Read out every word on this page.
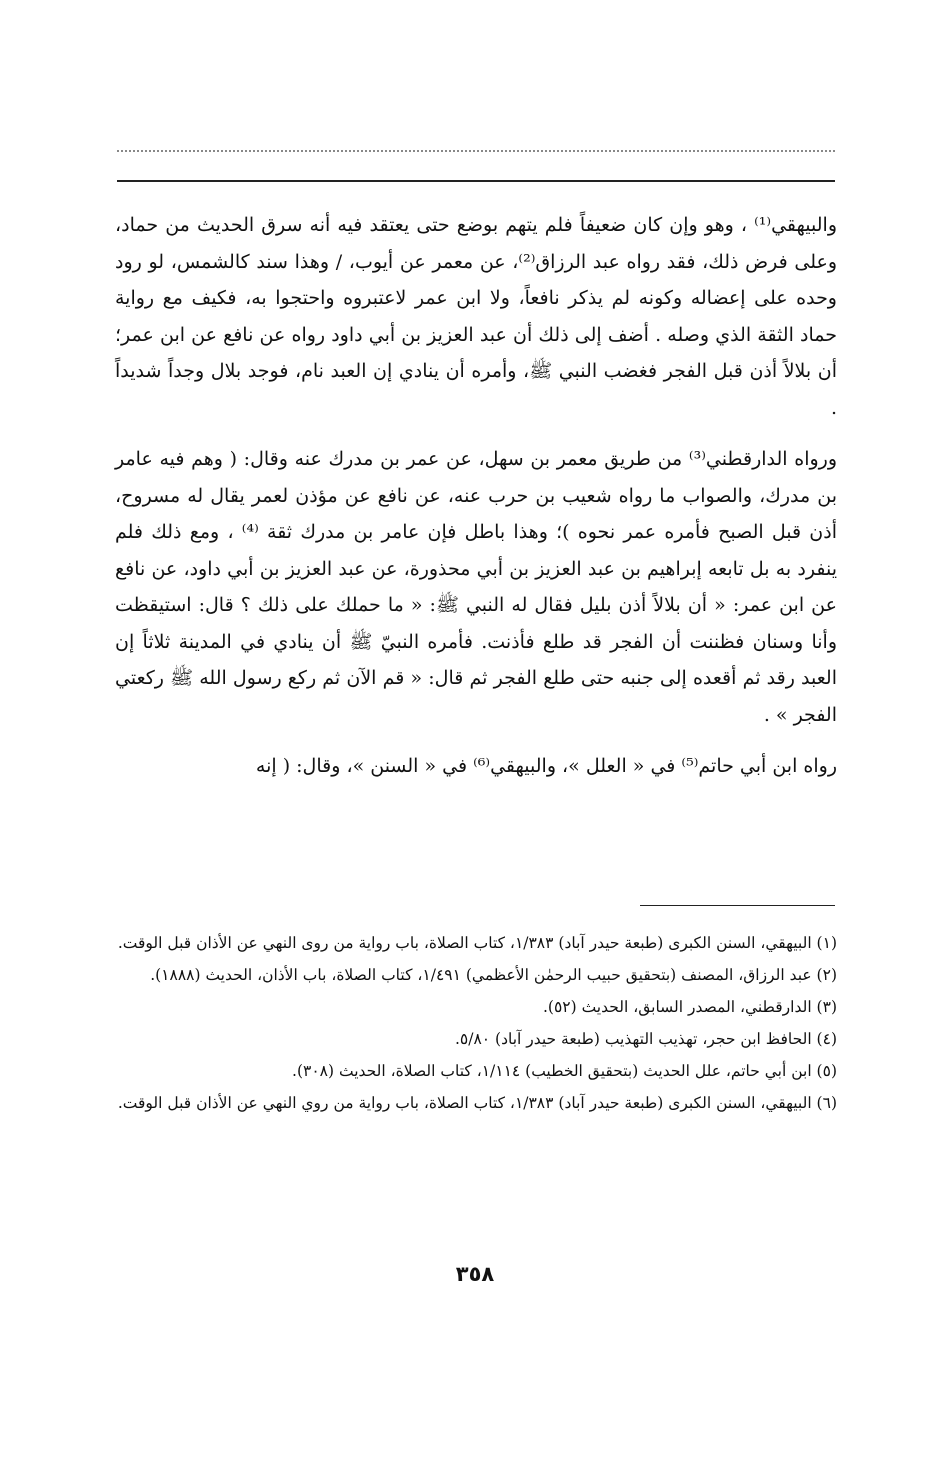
والبيهقي⁽¹⁾ ، وهو وإن كان ضعيفاً فلم يتهم بوضع حتى يعتقد فيه أنه سرق الحديث من حماد، وعلى فرض ذلك، فقد رواه عبد الرزاق⁽²⁾، عن معمر عن أيوب، / وهذا سند كالشمس، لو رود وحده على إعضاله وكونه لم يذكر نافعاً، ولا ابن عمر لاعتبروه واحتجوا به، فكيف مع رواية حماد الثقة الذي وصله . أضف إلى ذلك أن عبد العزيز بن أبي داود رواه عن نافع عن ابن عمر؛ أن بلالاً أذن قبل الفجر فغضب النبي ﷺ، وأمره أن ينادي إن العبد نام، فوجد بلال وجداً شديداً .

ورواه الدارقطني⁽³⁾ من طريق معمر بن سهل، عن عمر بن مدرك عنه وقال: ( وهم فيه عامر بن مدرك، والصواب ما رواه شعيب بن حرب عنه، عن نافع عن مؤذن لعمر يقال له مسروح، أذن قبل الصبح فأمره عمر نحوه )؛ وهذا باطل فإن عامر بن مدرك ثقة ⁽⁴⁾ ، ومع ذلك فلم ينفرد به بل تابعه إبراهيم بن عبد العزيز بن أبي محذورة، عن عبد العزيز بن أبي داود، عن نافع عن ابن عمر: « أن بلالاً أذن بليل فقال له النبي ﷺ: « ما حملك على ذلك ؟ قال: استيقظت وأنا وسنان فظننت أن الفجر قد طلع فأذنت. فأمره النبيّ ﷺ أن ينادي في المدينة ثلاثاً إن العبد رقد ثم أقعده إلى جنبه حتى طلع الفجر ثم قال: « قم الآن ثم ركع رسول الله ﷺ ركعتي الفجر » .

رواه ابن أبي حاتم⁽⁵⁾ في « العلل »، والبيهقي⁽⁶⁾ في « السنن »، وقال: ( إنه

(١) البيهقي، السنن الكبرى (طبعة حيدر آباد) ١/٣٨٣، كتاب الصلاة، باب رواية من روى النهي عن الأذان قبل الوقت.
(٢) عبد الرزاق، المصنف (بتحقيق حبيب الرحمٰن الأعظمي) ١/٤٩١، كتاب الصلاة، باب الأذان، الحديث (١٨٨٨).
(٣) الدارقطني، المصدر السابق، الحديث (٥٢).
(٤) الحافظ ابن حجر، تهذيب التهذيب (طبعة حيدر آباد) ٥/٨٠.
(٥) ابن أبي حاتم، علل الحديث (بتحقيق الخطيب) ١/١١٤، كتاب الصلاة، الحديث (٣٠٨).
(٦) البيهقي، السنن الكبرى (طبعة حيدر آباد) ١/٣٨٣، كتاب الصلاة، باب رواية من روي النهي عن الأذان قبل الوقت.
٣٥٨
